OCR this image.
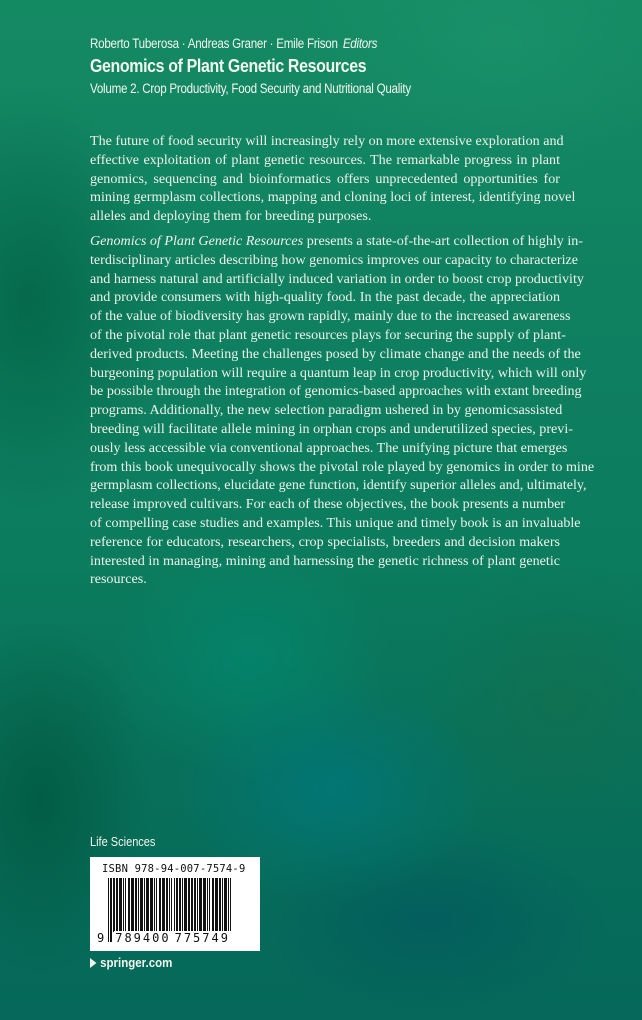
Roberto Tuberosa · Andreas Graner · Emile Frison Editors
Genomics of Plant Genetic Resources
Volume 2. Crop Productivity, Food Security and Nutritional Quality

The future of food security will increasingly rely on more extensive exploration and
effective exploitation of plant genetic resources. The remarkable progress in plant
genomics, sequencing and bioinformatics offers unprecedented opportunities for
mining germplasm collections, mapping and cloning loci of interest, identifying novel
alleles and deploying them for breeding purposes.

Genomics of Plant Genetic Resources presents a state-of-the-art collection of highly in-
terdisciplinary articles describing how genomics improves our capacity to characterize
and harness natural and artificially induced variation in order to boost crop productivity
and provide consumers with high-quality food. In the past decade, the appreciation
of the value of biodiversity has grown rapidly, mainly due to the increased awareness
of the pivotal role that plant genetic resources plays for securing the supply of plant-
derived products. Meeting the challenges posed by climate change and the needs of the
burgeoning population will require a quantum leap in crop productivity, which will only
be possible through the integration of genomics-based approaches with extant breeding
programs. Additionally, the new selection paradigm ushered in by genomicsassisted
breeding will facilitate allele mining in orphan crops and underutilized species, previ-
ously less accessible via conventional approaches. The unifying picture that emerges
from this book unequivocally shows the pivotal role played by genomics in order to mine
germplasm collections, elucidate gene function, identify superior alleles and, ultimately,
release improved cultivars. For each of these objectives, the book presents a number
of compelling case studies and examples. This unique and timely book is an invaluable
reference for educators, researchers, crop specialists, breeders and decision makers
interested in managing, mining and harnessing the genetic richness of plant genetic
resources.

Life Sciences
ISBN 978-94-007-7574-9
9 789400 775749
springer.com
